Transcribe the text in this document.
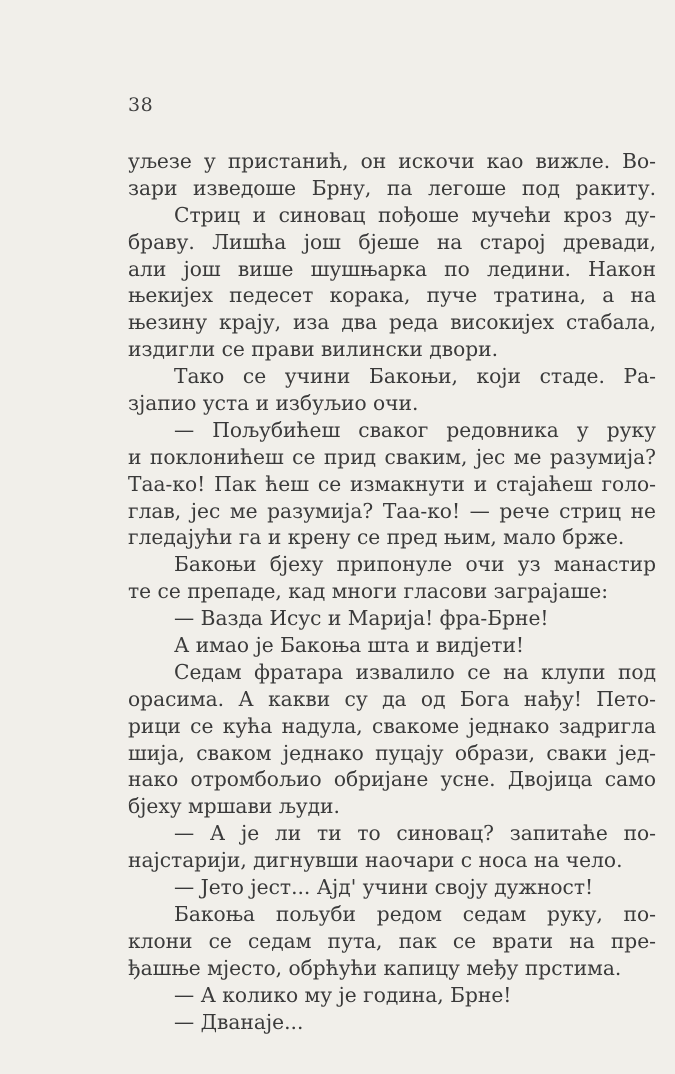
38
уљезе у пристанић, он искочи као вижле. Во-
зари изведоше Брну, па легоше под ракиту.
Стриц и синовац пођоше мучећи кроз ду-
браву. Лишћа још бјеше на старој древади,
али још више шушњарка по ледини. Након
њекијех педесет корака, пуче тратина, а на
њезину крају, иза два реда високијех стабала,
издигли се прави вилински двори.
Тако се учини Бакоњи, који стаде. Ра-
зјапио уста и избуљио очи.
— Пољубићеш сваког редовника у руку
и поклонићеш се прид сваким, јес ме разумија?
Таа-ко! Пак ћеш се измакнути и стајаћеш голо-
глав, јес ме разумија? Таа-ко! — рече стриц не
гледајући га и крену се пред њим, мало брже.
Бакоњи бјеху припонуле очи уз манастир
те се препаде, кад многи гласови заграјаше:
— Вазда Исус и Марија! фра-Брне!
А имао је Бакоња шта и видјети!
Седам фратара извалило се на клупи под
орасима. А какви су да од Бога нађу! Пето-
рици се кућа надула, свакоме једнако задригла
шија, сваком једнако пуцају образи, сваки јед-
нако отромбољио обријане усне. Двојица само
бјеху мршави људи.
— А је ли ти то синовац? запитаће по-
најстарији, дигнувши наочари с носа на чело.
— Јето јест... Ајд' учини своју дужност!
Бакоња пољуби редом седам руку, по-
клони се седам пута, пак се врати на пре-
ђашње мјесто, обрћући капицу међу прстима.
— А колико му је година, Брне!
— Дванаје...
